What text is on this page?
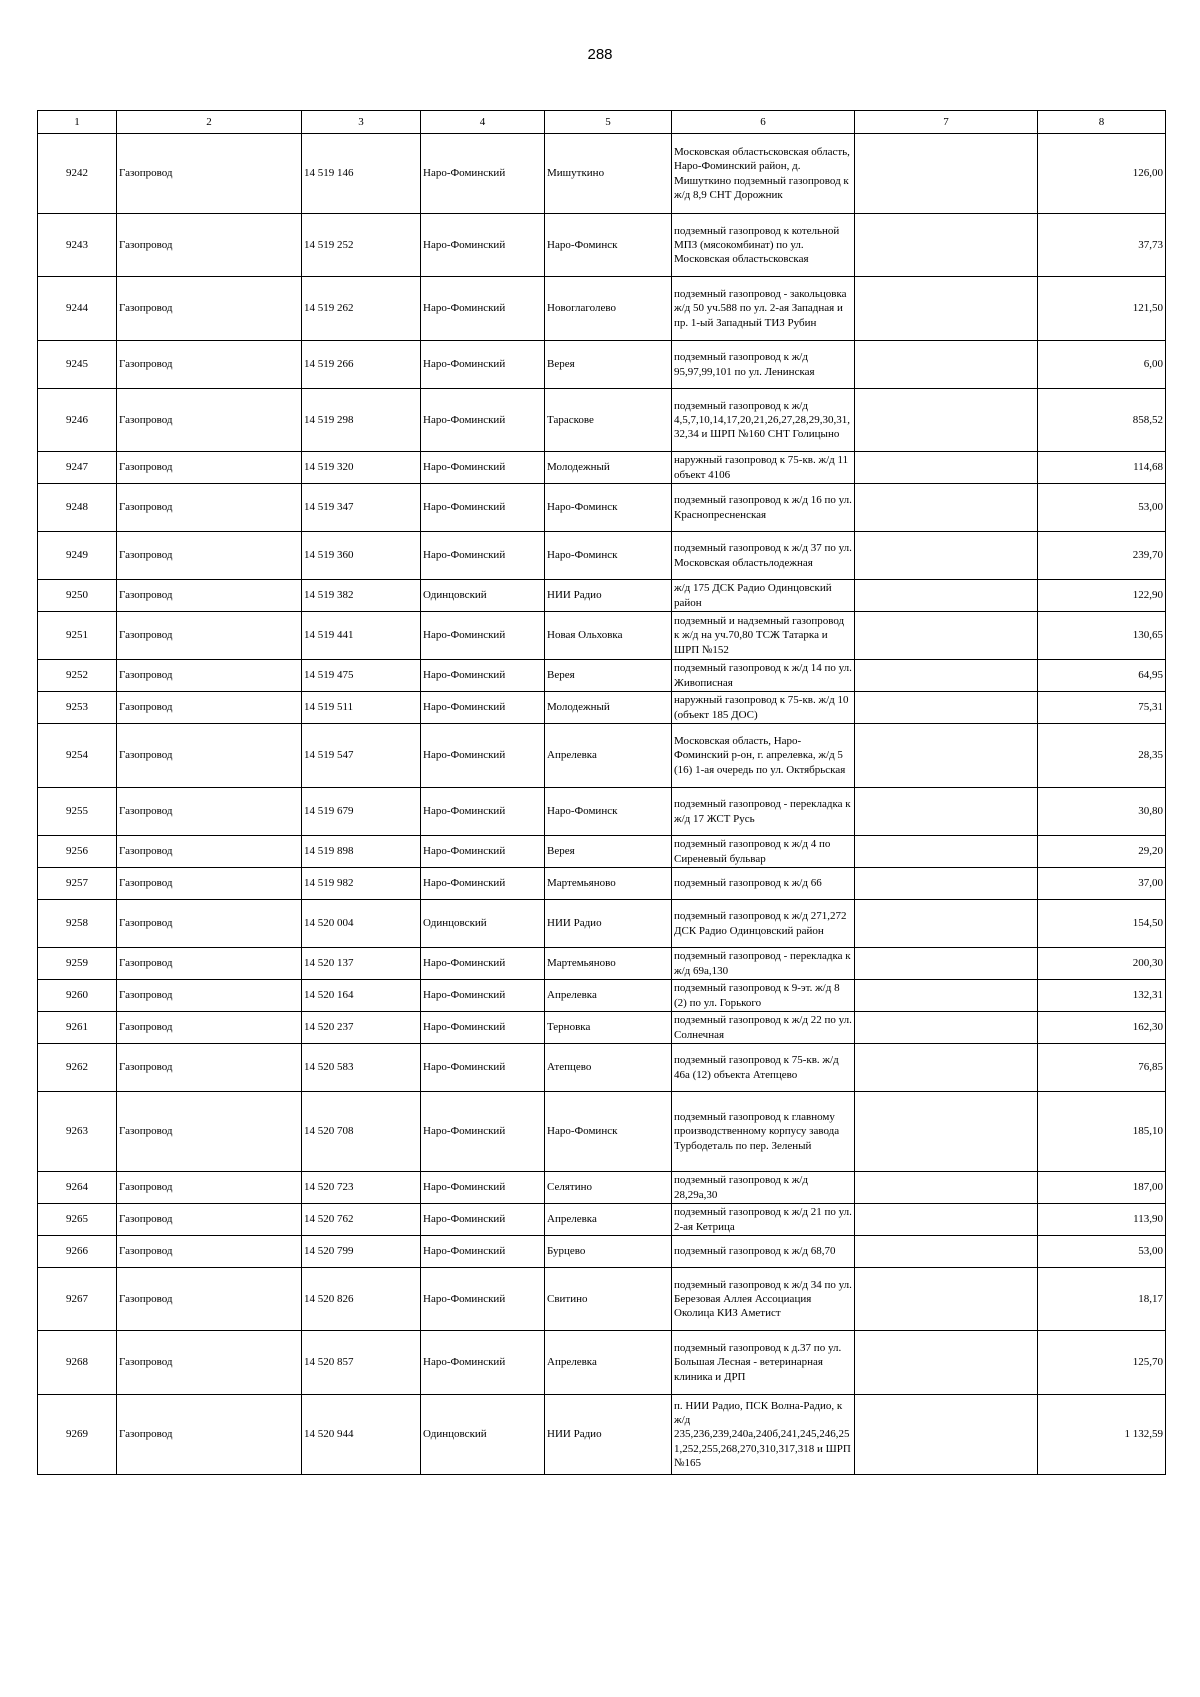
288
1	2	3	4	5	6	7	8
9242	Газопровод	14 519 146	Наро-Фоминский	Мишуткино	Московская областьсковская область, Наро-Фоминский район, д. Мишуткино подземный газопровод к ж/д 8,9 СНТ Дорожник		126,00
9243	Газопровод	14 519 252	Наро-Фоминский	Наро-Фоминск	подземный газопровод к котельной МПЗ (мясокомбинат) по ул. Московская областьсковская		37,73
9244	Газопровод	14 519 262	Наро-Фоминский	Новоглаголево	подземный газопровод - закольцовка ж/д 50 уч.588 по ул. 2-ая Западная и пр. 1-ый Западный ТИЗ Рубин		121,50
9245	Газопровод	14 519 266	Наро-Фоминский	Верея	подземный газопровод к ж/д 95,97,99,101 по ул. Ленинская		6,00
9246	Газопровод	14 519 298	Наро-Фоминский	Тараскове	подземный газопровод к ж/д 4,5,7,10,14,17,20,21,26,27,28,29,30,31,32,34 и ШРП №160 СНТ Голицыно		858,52
9247	Газопровод	14 519 320	Наро-Фоминский	Молодежный	наружный газопровод к 75-кв. ж/д 11 объект 4106		114,68
9248	Газопровод	14 519 347	Наро-Фоминский	Наро-Фоминск	подземный газопровод к ж/д 16 по ул. Краснопресненская		53,00
9249	Газопровод	14 519 360	Наро-Фоминский	Наро-Фоминск	подземный газопровод к ж/д 37 по ул. Московская областьлодежная		239,70
9250	Газопровод	14 519 382	Одинцовский	НИИ Радио	ж/д 175 ДСК Радио Одинцовский район		122,90
9251	Газопровод	14 519 441	Наро-Фоминский	Новая Ольховка	подземный и надземный газопровод к ж/д на уч.70,80 ТСЖ Татарка и ШРП №152		130,65
9252	Газопровод	14 519 475	Наро-Фоминский	Верея	подземный газопровод к ж/д 14 по ул. Живописная		64,95
9253	Газопровод	14 519 511	Наро-Фоминский	Молодежный	наружный газопровод к 75-кв. ж/д 10 (объект 185 ДОС)		75,31
9254	Газопровод	14 519 547	Наро-Фоминский	Апрелевка	Московская область, Наро-Фоминский р-он, г. апрелевка, ж/д 5 (16) 1-ая очередь по ул. Октябрьская		28,35
9255	Газопровод	14 519 679	Наро-Фоминский	Наро-Фоминск	подземный газопровод - перекладка к ж/д 17 ЖСТ Русь		30,80
9256	Газопровод	14 519 898	Наро-Фоминский	Верея	подземный газопровод к ж/д 4 по Сиреневый бульвар		29,20
9257	Газопровод	14 519 982	Наро-Фоминский	Мартемьяново	подземный газопровод к ж/д 66		37,00
9258	Газопровод	14 520 004	Одинцовский	НИИ Радио	подземный газопровод к ж/д 271,272 ДСК Радио Одинцовский район		154,50
9259	Газопровод	14 520 137	Наро-Фоминский	Мартемьяново	подземный газопровод - перекладка к ж/д 69а,130		200,30
9260	Газопровод	14 520 164	Наро-Фоминский	Апрелевка	подземный газопровод к 9-эт. ж/д 8 (2) по ул. Горького		132,31
9261	Газопровод	14 520 237	Наро-Фоминский	Терновка	подземный газопровод к ж/д 22 по ул. Солнечная		162,30
9262	Газопровод	14 520 583	Наро-Фоминский	Атепцево	подземный газопровод к 75-кв. ж/д 46а (12) объекта Атепцево		76,85
9263	Газопровод	14 520 708	Наро-Фоминский	Наро-Фоминск	подземный газопровод к главному производственному корпусу завода Турбодеталь по пер. Зеленый		185,10
9264	Газопровод	14 520 723	Наро-Фоминский	Селятино	подземный газопровод к ж/д 28,29а,30		187,00
9265	Газопровод	14 520 762	Наро-Фоминский	Апрелевка	подземный газопровод к ж/д 21 по ул. 2-ая Кетрица		113,90
9266	Газопровод	14 520 799	Наро-Фоминский	Бурцево	подземный газопровод к ж/д 68,70		53,00
9267	Газопровод	14 520 826	Наро-Фоминский	Свитино	подземный газопровод к ж/д 34 по ул. Березовая Аллея Ассоциация Околица КИЗ Аметист		18,17
9268	Газопровод	14 520 857	Наро-Фоминский	Апрелевка	подземный газопровод к д.37 по ул. Большая Лесная - ветеринарная клиника и ДРП		125,70
9269	Газопровод	14 520 944	Одинцовский	НИИ Радио	п. НИИ Радио, ПСК Волна-Радио, к ж/д 235,236,239,240а,240б,241,245,246,251,252,255,268,270,310,317,318 и ШРП №165		1 132,59
